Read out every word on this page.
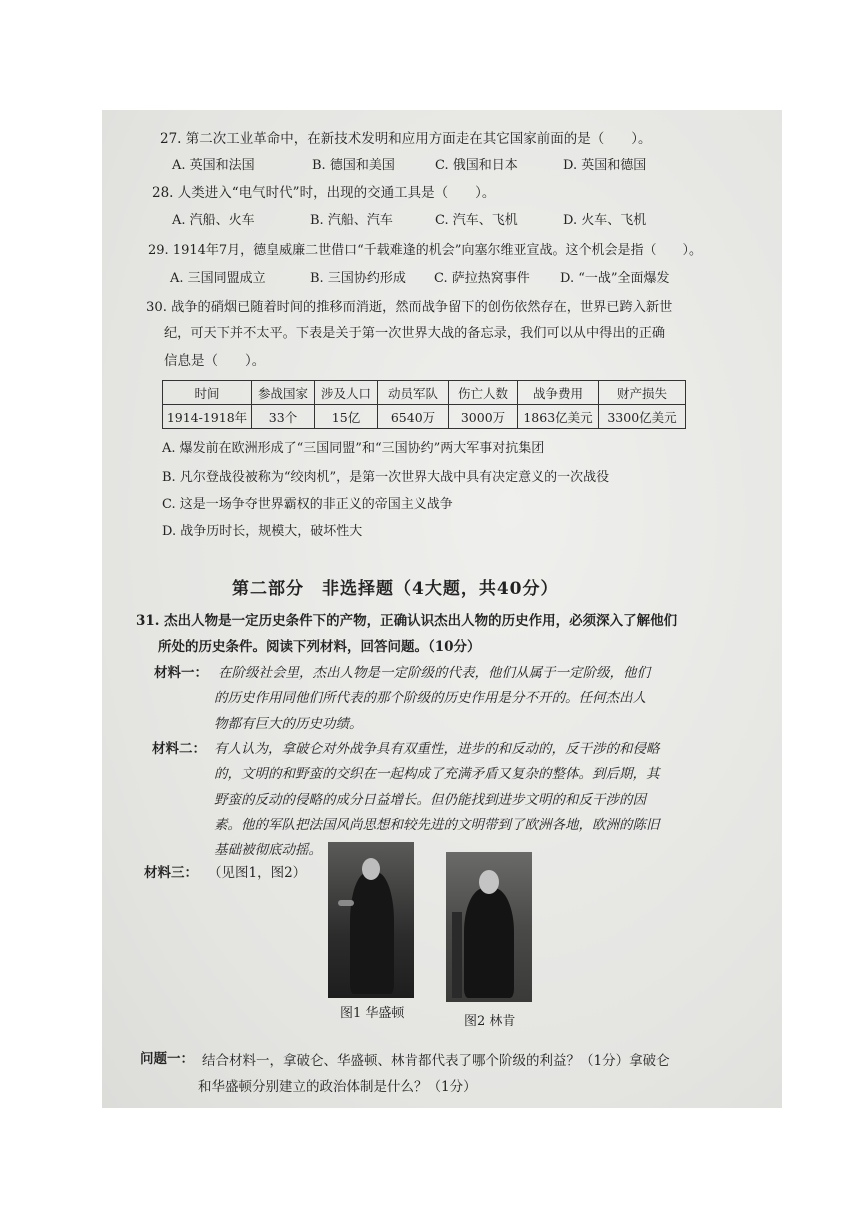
27. 第二次工业革命中，在新技术发明和应用方面走在其它国家前面的是（　　）。
A. 英国和法国	B. 德国和美国	C. 俄国和日本	D. 英国和德国
28. 人类进入“电气时代”时，出现的交通工具是（　　）。
A. 汽船、火车	B. 汽船、汽车	C. 汽车、飞机	D. 火车、飞机
29. 1914年7月，德皇威廉二世借口“千载难逢的机会”向塞尔维亚宣战。这个机会是指（　　）。
A. 三国同盟成立	B. 三国协约形成 C. 萨拉热窝事件 D. “一战”全面爆发
30. 战争的硝烟已随着时间的推移而消逝，然而战争留下的创伤依然存在，世界已跨入新世
纪，可天下并不太平。下表是关于第一次世界大战的备忘录，我们可以从中得出的正确
信息是（　　）。
时间	参战国家	涉及人口	动员军队	伤亡人数	战争费用	财产损失
1914-1918年	33个	15亿	6540万	3000万	1863亿美元	3300亿美元
A. 爆发前在欧洲形成了“三国同盟”和“三国协约”两大军事对抗集团
B. 凡尔登战役被称为“绞肉机”，是第一次世界大战中具有决定意义的一次战役
C. 这是一场争夺世界霸权的非正义的帝国主义战争
D. 战争历时长，规模大，破坏性大
第二部分　非选择题（4大题，共40分）
31. 杰出人物是一定历史条件下的产物，正确认识杰出人物的历史作用，必须深入了解他们
所处的历史条件。阅读下列材料，回答问题。（10分）
材料一： 在阶级社会里，杰出人物是一定阶级的代表，他们从属于一定阶级，他们
的历史作用同他们所代表的那个阶级的历史作用是分不开的。任何杰出人
物都有巨大的历史功绩。
材料二： 有人认为，拿破仑对外战争具有双重性，进步的和反动的，反干涉的和侵略
的，文明的和野蛮的交织在一起构成了充满矛盾又复杂的整体。到后期，其
野蛮的反动的侵略的成分日益增长。但仍能找到进步文明的和反干涉的因
素。他的军队把法国风尚思想和较先进的文明带到了欧洲各地，欧洲的陈旧
基础被彻底动摇。
材料三： （见图1，图2）
图1 华盛顿
图2 林肯
问题一： 结合材料一，拿破仑、华盛顿、林肯都代表了哪个阶级的利益？（1分）拿破仑
和华盛顿分别建立的政治体制是什么？（1分）
